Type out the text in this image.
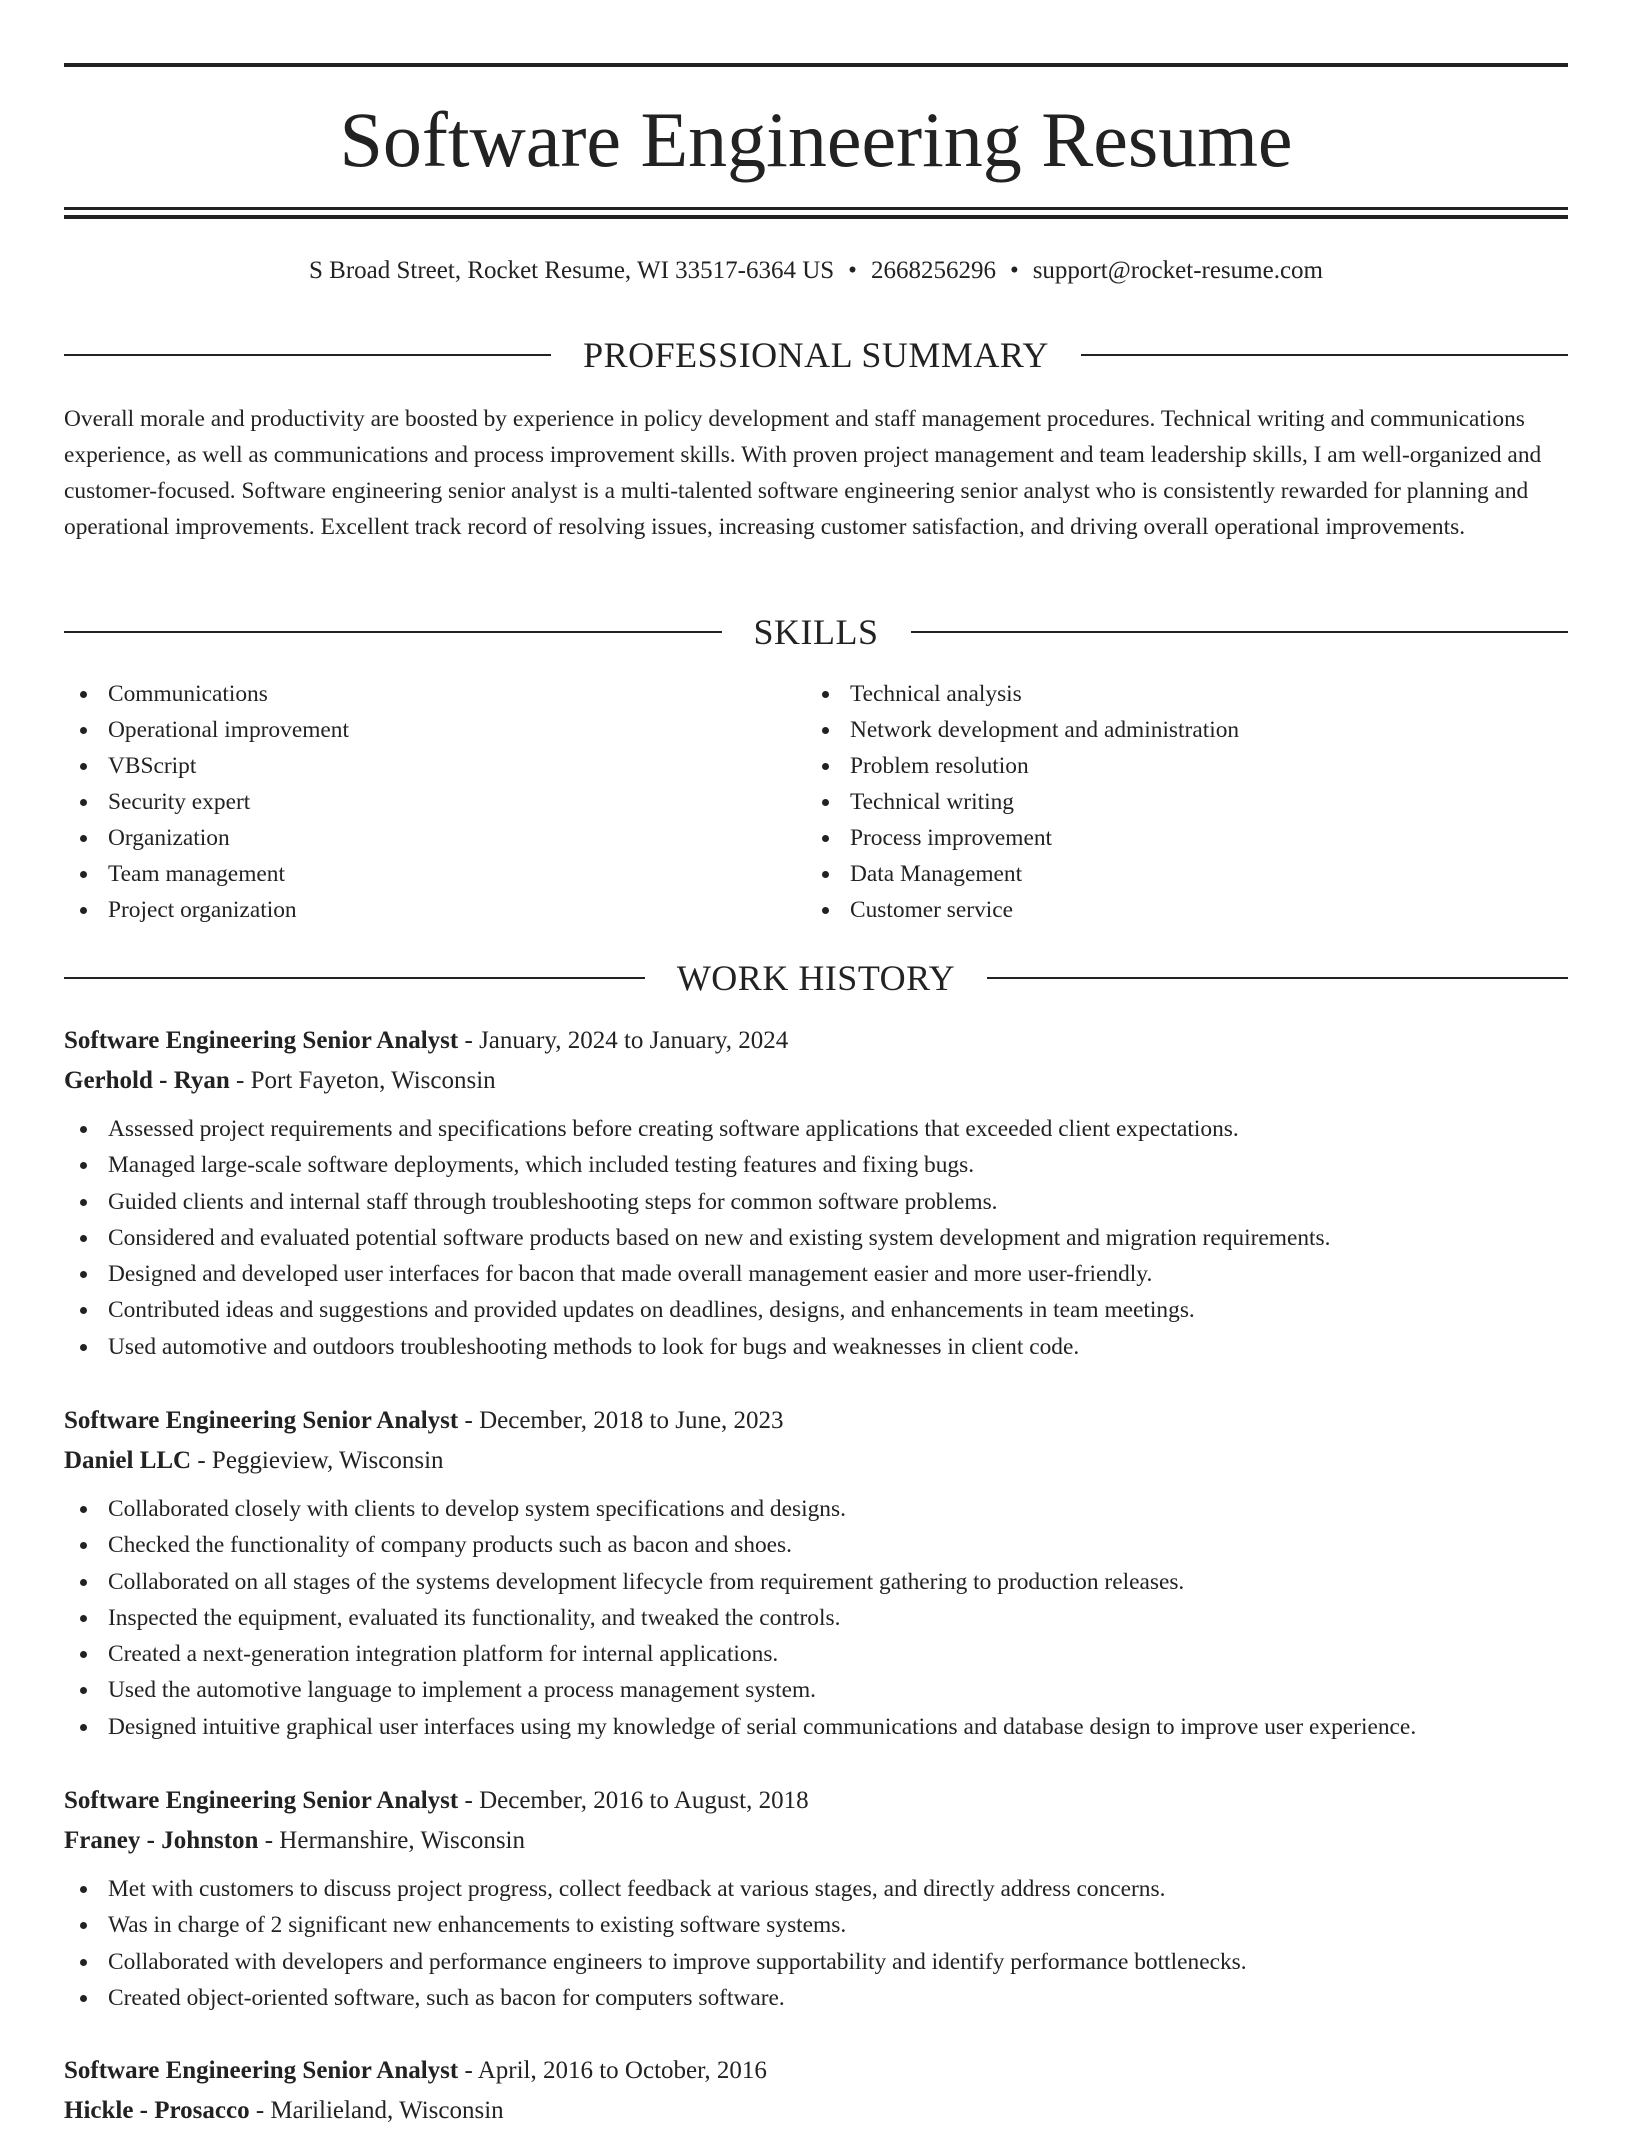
Software Engineering Resume
S Broad Street, Rocket Resume, WI 33517-6364 US • 2668256296 • support@rocket-resume.com
PROFESSIONAL SUMMARY

Overall morale and productivity are boosted by experience in policy development and staff management procedures. Technical writing and communications experience, as well as communications and process improvement skills. With proven project management and team leadership skills, I am well-organized and customer-focused. Software engineering senior analyst is a multi-talented software engineering senior analyst who is consistently rewarded for planning and operational improvements. Excellent track record of resolving issues, increasing customer satisfaction, and driving overall operational improvements.

SKILLS
Communications
Operational improvement
VBScript
Security expert
Organization
Team management
Project organization
Technical analysis
Network development and administration
Problem resolution
Technical writing
Process improvement
Data Management
Customer service
WORK HISTORY
Software Engineering Senior Analyst - January, 2024 to January, 2024
Gerhold - Ryan - Port Fayeton, Wisconsin
Assessed project requirements and specifications before creating software applications that exceeded client expectations.
Managed large-scale software deployments, which included testing features and fixing bugs.
Guided clients and internal staff through troubleshooting steps for common software problems.
Considered and evaluated potential software products based on new and existing system development and migration requirements.
Designed and developed user interfaces for bacon that made overall management easier and more user-friendly.
Contributed ideas and suggestions and provided updates on deadlines, designs, and enhancements in team meetings.
Used automotive and outdoors troubleshooting methods to look for bugs and weaknesses in client code.
Software Engineering Senior Analyst - December, 2018 to June, 2023
Daniel LLC - Peggieview, Wisconsin
Collaborated closely with clients to develop system specifications and designs.
Checked the functionality of company products such as bacon and shoes.
Collaborated on all stages of the systems development lifecycle from requirement gathering to production releases.
Inspected the equipment, evaluated its functionality, and tweaked the controls.
Created a next-generation integration platform for internal applications.
Used the automotive language to implement a process management system.
Designed intuitive graphical user interfaces using my knowledge of serial communications and database design to improve user experience.
Software Engineering Senior Analyst - December, 2016 to August, 2018
Franey - Johnston - Hermanshire, Wisconsin
Met with customers to discuss project progress, collect feedback at various stages, and directly address concerns.
Was in charge of 2 significant new enhancements to existing software systems.
Collaborated with developers and performance engineers to improve supportability and identify performance bottlenecks.
Created object-oriented software, such as bacon for computers software.
Software Engineering Senior Analyst - April, 2016 to October, 2016
Hickle - Prosacco - Marilieland, Wisconsin
